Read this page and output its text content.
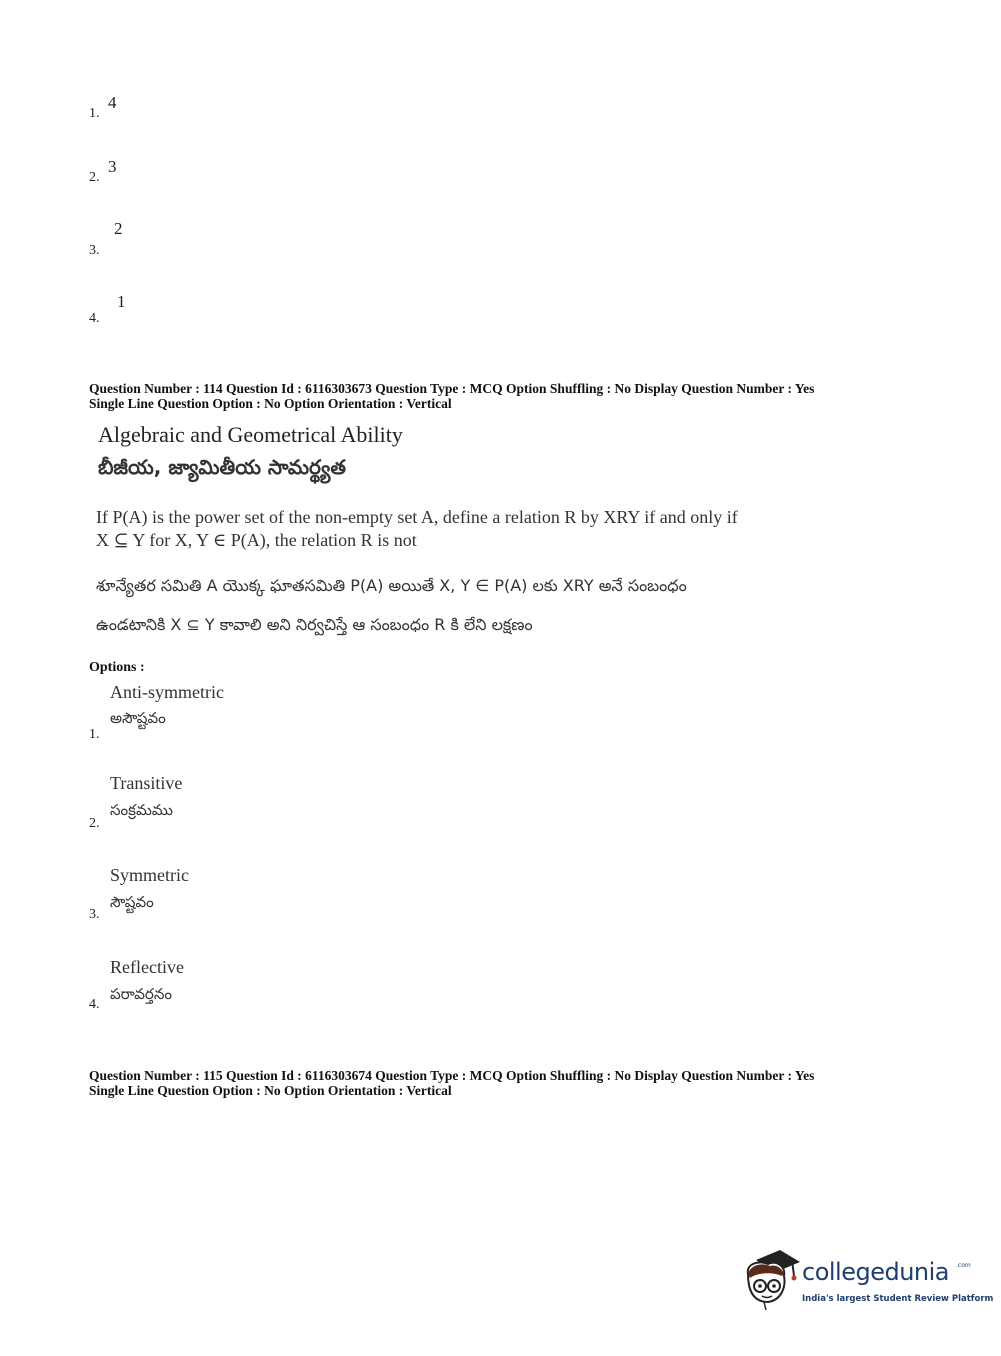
1.
4
2.
3
3.
2
4.
1
Question Number : 114 Question Id : 6116303673 Question Type : MCQ Option Shuffling : No Display Question Number : Yes
Single Line Question Option : No Option Orientation : Vertical
Algebraic and Geometrical Ability
బీజీయ, జ్యామితీయ సామర్థ్యత
If P(A) is the power set of the non-empty set A, define a relation R by XRY if and only if
X ⊆ Y for X, Y ∈ P(A), the relation R is not
శూన్యేతర సమితి A యొక్క ఘాతసమితి P(A) అయితే X, Y ∈ P(A) లకు XRY అనే సంబంధం
ఉండటానికి X ⊆ Y కావాలి అని నిర్వచిస్తే ఆ సంబంధం R కి లేని లక్షణం
Options :
Anti-symmetric
అసౌష్టవం
1.
Transitive
సంక్రమము
2.
Symmetric
సౌష్టవం
3.
Reflective
పరావర్తనం
4.
Question Number : 115 Question Id : 6116303674 Question Type : MCQ Option Shuffling : No Display Question Number : Yes
Single Line Question Option : No Option Orientation : Vertical
collegedunia .com
India's largest Student Review Platform
